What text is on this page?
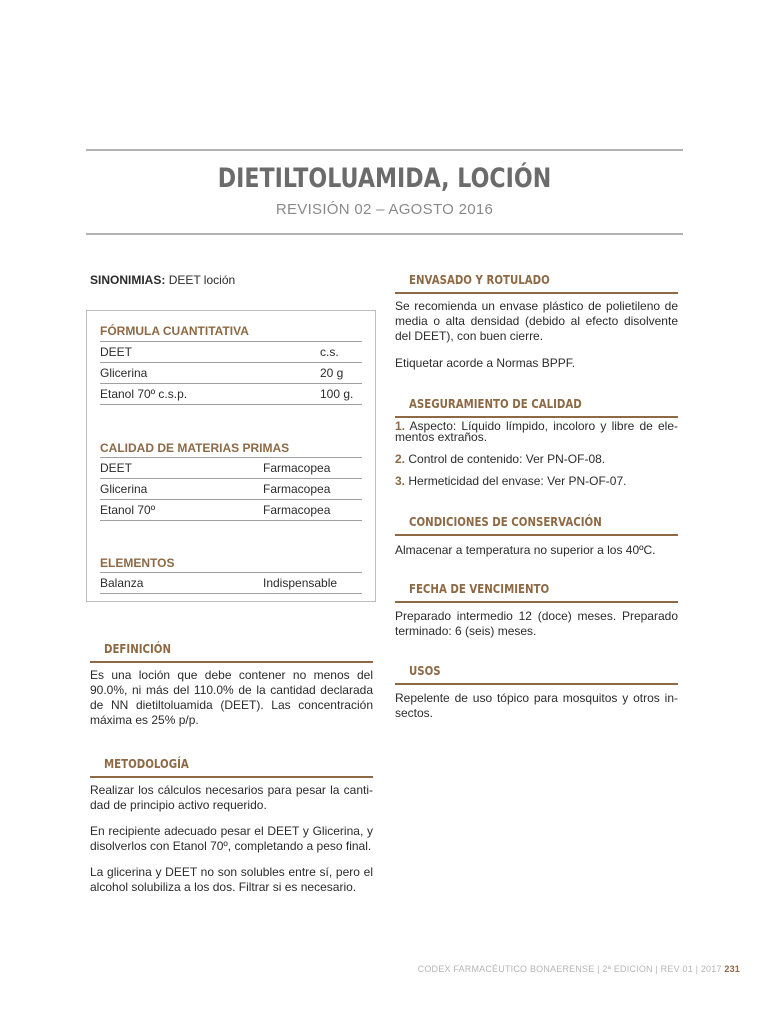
DIETILTOLUAMIDA, LOCIÓN
REVISIÓN 02 – AGOSTO 2016
SINONIMIAS: DEET loción
FÓRMULA CUANTITATIVA
DEET	c.s.
Glicerina	20 g
Etanol 70º c.s.p.	100 g.
CALIDAD DE MATERIAS PRIMAS
DEET	Farmacopea
Glicerina	Farmacopea
Etanol 70º	Farmacopea
ELEMENTOS
Balanza	Indispensable
DEFINICIÓN
Es una loción que debe contener no menos del
90.0%, ni más del 110.0% de la cantidad declarada
de NN dietiltoluamida (DEET). Las concentración
máxima es 25% p/p.
METODOLOGÍA
Realizar los cálculos necesarios para pesar la canti-
dad de principio activo requerido.
En recipiente adecuado pesar el DEET y Glicerina, y
disolverlos con Etanol 70º, completando a peso final.
La glicerina y DEET no son solubles entre sí, pero el
alcohol solubiliza a los dos. Filtrar si es necesario.
ENVASADO Y ROTULADO
Se recomienda un envase plástico de polietileno de
media o alta densidad (debido al efecto disolvente
del DEET), con buen cierre.
Etiquetar acorde a Normas BPPF.
ASEGURAMIENTO DE CALIDAD
1. Aspecto: Líquido límpido, incoloro y libre de ele-
mentos extraños.
2. Control de contenido: Ver PN-OF-08.
3. Hermeticidad del envase: Ver PN-OF-07.
CONDICIONES DE CONSERVACIÓN
Almacenar a temperatura no superior a los 40ºC.
FECHA DE VENCIMIENTO
Preparado intermedio 12 (doce) meses. Preparado
terminado: 6 (seis) meses.
USOS
Repelente de uso tópico para mosquitos y otros in-
sectos.
CODEX FARMACÉUTICO BONAERENSE | 2ª EDICION | REV 01 | 2017 231
